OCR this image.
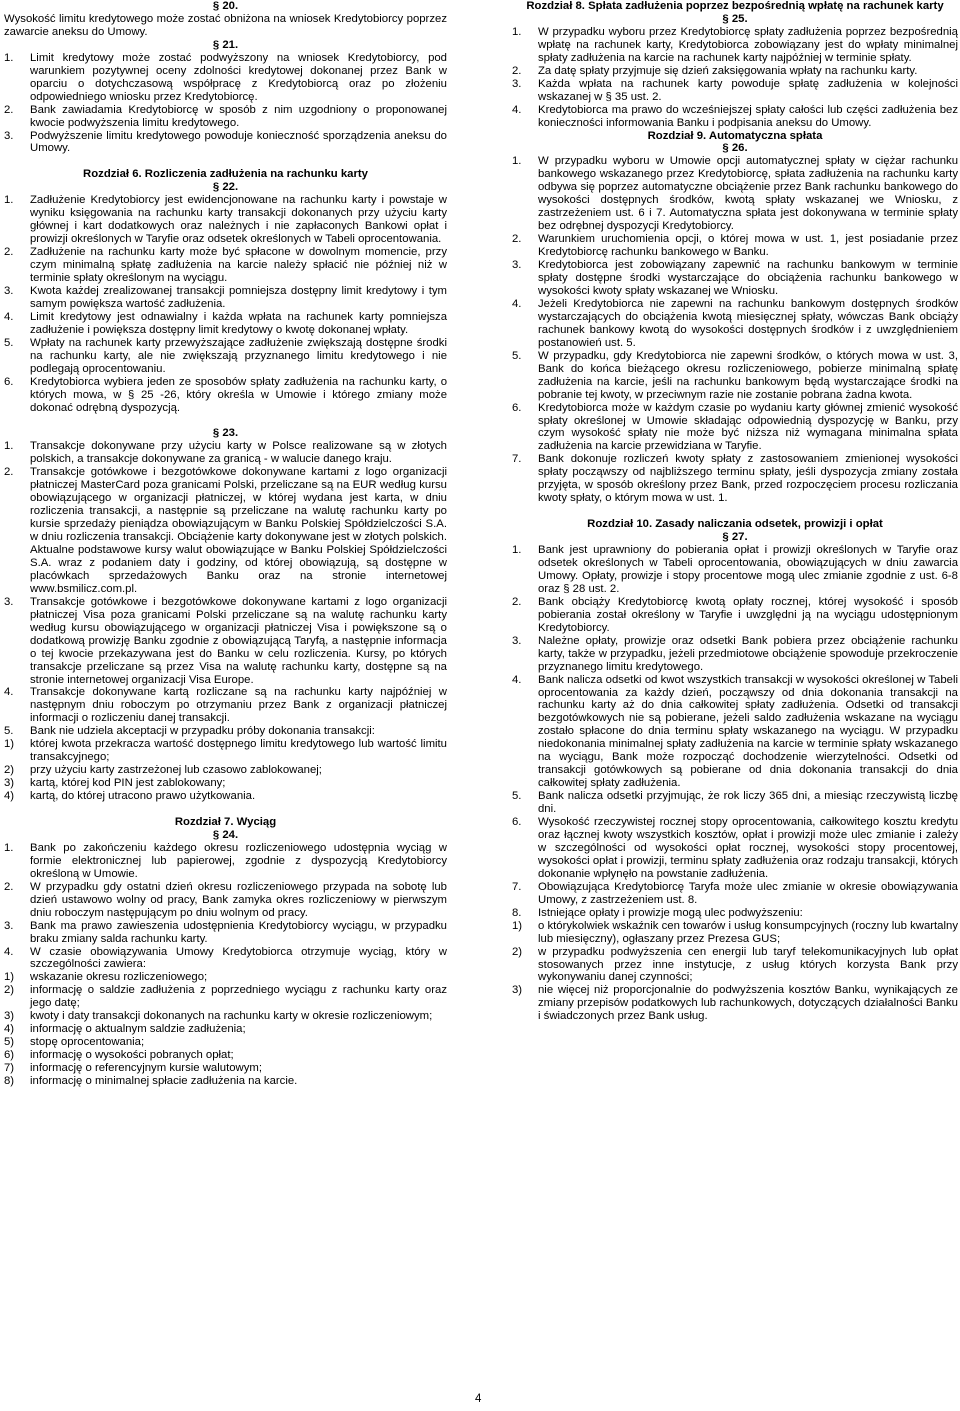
§ 20.
Wysokość limitu kredytowego może zostać obniżona na wniosek Kredytobiorcy poprzez zawarcie aneksu do Umowy.
§ 21.
1.	Limit kredytowy może zostać podwyższony na wniosek Kredytobiorcy, pod warunkiem pozytywnej oceny zdolności kredytowej dokonanej przez Bank w oparciu o dotychczasową współpracę z Kredytobiorcą oraz po złożeniu odpowiedniego wniosku przez Kredytobiorcę.
2.	Bank zawiadamia Kredytobiorcę w sposób z nim uzgodniony o proponowanej kwocie podwyższenia limitu kredytowego.
3.	Podwyższenie limitu kredytowego powoduje konieczność sporządzenia aneksu do Umowy.
Rozdział 6. Rozliczenia zadłużenia na rachunku karty
§ 22.
1.	Zadłużenie Kredytobiorcy jest ewidencjonowane na rachunku karty i powstaje w wyniku księgowania na rachunku karty transakcji dokonanych przy użyciu karty głównej i kart dodatkowych oraz należnych i nie zapłaconych Bankowi opłat i prowizji określonych w Taryfie oraz odsetek określonych w Tabeli oprocentowania.
2.	Zadłużenie na rachunku karty może być spłacone w dowolnym momencie, przy czym minimalną spłatę zadłużenia na karcie należy spłacić nie później niż w terminie spłaty określonym na wyciągu.
3.	Kwota każdej zrealizowanej transakcji pomniejsza dostępny limit kredytowy i tym samym powiększa wartość zadłużenia.
4.	Limit kredytowy jest odnawialny i każda wpłata na rachunek karty pomniejsza zadłużenie i powiększa dostępny limit kredytowy o kwotę dokonanej wpłaty.
5.	Wpłaty na rachunek karty przewyższające zadłużenie zwiększają dostępne środki na rachunku karty, ale nie zwiększają przyznanego limitu kredytowego i nie podlegają oprocentowaniu.
6.	Kredytobiorca wybiera jeden ze sposobów spłaty zadłużenia na rachunku karty, o których mowa, w § 25 -26, który określa w Umowie i którego zmiany może dokonać odrębną dyspozycją.
§ 23.
1.	Transakcje dokonywane przy użyciu karty w Polsce realizowane są w złotych polskich, a transakcje dokonywane za granicą - w walucie danego kraju.
2.	Transakcje gotówkowe i bezgotówkowe dokonywane kartami z logo organizacji płatniczej MasterCard poza granicami Polski, przeliczane są na EUR według kursu obowiązującego w organizacji płatniczej, w której wydana jest karta, w dniu rozliczenia transakcji, a następnie są przeliczane na walutę rachunku karty po kursie sprzedaży pieniądza obowiązującym w Banku Polskiej Spółdzielczości S.A. w dniu rozliczenia transakcji. Obciążenie karty dokonywane jest w złotych polskich. Aktualne podstawowe kursy walut obowiązujące w Banku Polskiej Spółdzielczości S.A. wraz z podaniem daty i godziny, od której obowiązują, są dostępne w placówkach sprzedażowych Banku oraz na stronie internetowej www.bsmilicz.com.pl.
3.	Transakcje gotówkowe i bezgotówkowe dokonywane kartami z logo organizacji płatniczej Visa poza granicami Polski przeliczane są na walutę rachunku karty według kursu obowiązującego w organizacji płatniczej Visa i powiększone są o dodatkową prowizję Banku zgodnie z obowiązującą Taryfą, a następnie informacja o tej kwocie przekazywana jest do Banku w celu rozliczenia. Kursy, po których transakcje przeliczane są przez Visa na walutę rachunku karty, dostępne są na stronie internetowej organizacji Visa Europe.
4.	Transakcje dokonywane kartą rozliczane są na rachunku karty najpóźniej w następnym dniu roboczym po otrzymaniu przez Bank z organizacji płatniczej informacji o rozliczeniu danej transakcji.
5.	Bank nie udziela akceptacji w przypadku próby dokonania transakcji:
1)	której kwota przekracza wartość dostępnego limitu kredytowego lub wartość limitu transakcyjnego;
2)	przy użyciu karty zastrzeżonej lub czasowo zablokowanej;
3)	kartą, której kod PIN jest zablokowany;
4)	kartą, do której utracono prawo użytkowania.
Rozdział 7. Wyciąg
§ 24.
1.	Bank po zakończeniu każdego okresu rozliczeniowego udostępnia wyciąg w formie elektronicznej lub papierowej, zgodnie z dyspozycją Kredytobiorcy określoną w Umowie.
2.	W przypadku gdy ostatni dzień okresu rozliczeniowego przypada na sobotę lub dzień ustawowo wolny od pracy, Bank zamyka okres rozliczeniowy w pierwszym dniu roboczym następującym po dniu wolnym od pracy.
3.	Bank ma prawo zawieszenia udostępnienia Kredytobiorcy wyciągu, w przypadku braku zmiany salda rachunku karty.
4.	W czasie obowiązywania Umowy Kredytobiorca otrzymuje wyciąg, który w szczególności zawiera:
1)	wskazanie okresu rozliczeniowego;
2)	informację o saldzie zadłużenia z poprzedniego wyciągu z rachunku karty oraz jego datę;
3)	kwoty i daty transakcji dokonanych na rachunku karty w okresie rozliczeniowym;
4)	informację o aktualnym saldzie zadłużenia;
5)	stopę oprocentowania;
6)	informację o wysokości pobranych opłat;
7)	informację o referencyjnym kursie walutowym;
8)	informację o minimalnej spłacie zadłużenia na karcie.
Rozdział 8. Spłata zadłużenia poprzez bezpośrednią wpłatę na rachunek karty
§ 25.
1.	W przypadku wyboru przez Kredytobiorcę spłaty zadłużenia poprzez bezpośrednią wpłatę na rachunek karty, Kredytobiorca zobowiązany jest do wpłaty minimalnej spłaty zadłużenia na karcie na rachunek karty najpóźniej w terminie spłaty.
2.	Za datę spłaty przyjmuje się dzień zaksięgowania wpłaty na rachunku karty.
3.	Każda wpłata na rachunek karty powoduje spłatę zadłużenia w kolejności wskazanej w § 35 ust. 2.
4.	Kredytobiorca ma prawo do wcześniejszej spłaty całości lub części zadłużenia bez konieczności informowania Banku i podpisania aneksu do Umowy.
Rozdział 9. Automatyczna spłata
§ 26.
1.	W przypadku wyboru w Umowie opcji automatycznej spłaty w ciężar rachunku bankowego wskazanego przez Kredytobiorcę, spłata zadłużenia na rachunku karty odbywa się poprzez automatyczne obciążenie przez Bank rachunku bankowego do wysokości dostępnych środków, kwotą spłaty wskazanej we Wniosku, z zastrzeżeniem ust. 6 i 7. Automatyczna spłata jest dokonywana w terminie spłaty bez odrębnej dyspozycji Kredytobiorcy.
2.	Warunkiem uruchomienia opcji, o której mowa w ust. 1, jest posiadanie przez Kredytobiorcę rachunku bankowego w Banku.
3.	Kredytobiorca jest zobowiązany zapewnić na rachunku bankowym w terminie spłaty dostępne środki wystarczające do obciążenia rachunku bankowego w wysokości kwoty spłaty wskazanej we Wniosku.
4.	Jeżeli Kredytobiorca nie zapewni na rachunku bankowym dostępnych środków wystarczających do obciążenia kwotą miesięcznej spłaty, wówczas Bank obciąży rachunek bankowy kwotą do wysokości dostępnych środków i z uwzględnieniem postanowień ust. 5.
5.	W przypadku, gdy Kredytobiorca nie zapewni środków, o których mowa w ust. 3, Bank do końca bieżącego okresu rozliczeniowego, pobierze minimalną spłatę zadłużenia na karcie, jeśli na rachunku bankowym będą wystarczające środki na pobranie tej kwoty, w przeciwnym razie nie zostanie pobrana żadna kwota.
6.	Kredytobiorca może w każdym czasie po wydaniu karty głównej zmienić wysokość spłaty określonej w Umowie składając odpowiednią dyspozycję w Banku, przy czym wysokość spłaty nie może być niższa niż wymagana minimalna spłata zadłużenia na karcie przewidziana w Taryfie.
7.	Bank dokonuje rozliczeń kwoty spłaty z zastosowaniem zmienionej wysokości spłaty począwszy od najbliższego terminu spłaty, jeśli dyspozycja zmiany została przyjęta, w sposób określony przez Bank, przed rozpoczęciem procesu rozliczania kwoty spłaty, o którym mowa w ust. 1.
Rozdział 10. Zasady naliczania odsetek, prowizji i opłat
§ 27.
1.	Bank jest uprawniony do pobierania opłat i prowizji określonych w Taryfie oraz odsetek określonych w Tabeli oprocentowania, obowiązujących w dniu zawarcia Umowy. Opłaty, prowizje i stopy procentowe mogą ulec zmianie zgodnie z ust. 6-8 oraz § 28 ust. 2.
2.	Bank obciąży Kredytobiorcę kwotą opłaty rocznej, której wysokość i sposób pobierania został określony w Taryfie i uwzględni ją na wyciągu udostępnionym Kredytobiorcy.
3.	Należne opłaty, prowizje oraz odsetki Bank pobiera przez obciążenie rachunku karty, także w przypadku, jeżeli przedmiotowe obciążenie spowoduje przekroczenie przyznanego limitu kredytowego.
4.	Bank nalicza odsetki od kwot wszystkich transakcji w wysokości określonej w Tabeli oprocentowania za każdy dzień, począwszy od dnia dokonania transakcji na rachunku karty aż do dnia całkowitej spłaty zadłużenia. Odsetki od transakcji bezgotówkowych nie są pobierane, jeżeli saldo zadłużenia wskazane na wyciągu zostało spłacone do dnia terminu spłaty wskazanego na wyciągu. W przypadku niedokonania minimalnej spłaty zadłużenia na karcie w terminie spłaty wskazanego na wyciągu, Bank może rozpocząć dochodzenie wierzytelności. Odsetki od transakcji gotówkowych są pobierane od dnia dokonania transakcji do dnia całkowitej spłaty zadłużenia.
5.	Bank nalicza odsetki przyjmując, że rok liczy 365 dni, a miesiąc rzeczywistą liczbę dni.
6.	Wysokość rzeczywistej rocznej stopy oprocentowania, całkowitego kosztu kredytu oraz łącznej kwoty wszystkich kosztów, opłat i prowizji może ulec zmianie i zależy w szczególności od wysokości opłat rocznej, wysokości stopy procentowej, wysokości opłat i prowizji, terminu spłaty zadłużenia oraz rodzaju transakcji, których dokonanie wpłynęło na powstanie zadłużenia.
7.	Obowiązująca Kredytobiorcę Taryfa może ulec zmianie w okresie obowiązywania Umowy, z zastrzeżeniem ust. 8.
8.	Istniejące opłaty i prowizje mogą ulec podwyższeniu:
1)	o którykolwiek wskaźnik cen towarów i usług konsumpcyjnych (roczny lub kwartalny lub miesięczny), ogłaszany przez Prezesa GUS;
2)	w przypadku podwyższenia cen energii lub taryf telekomunikacyjnych lub opłat stosowanych przez inne instytucje, z usług których korzysta Bank przy wykonywaniu danej czynności;
3)	nie więcej niż proporcjonalnie do podwyższenia kosztów Banku, wynikających ze zmiany przepisów podatkowych lub rachunkowych, dotyczących działalności Banku i świadczonych przez Bank usług.
4
